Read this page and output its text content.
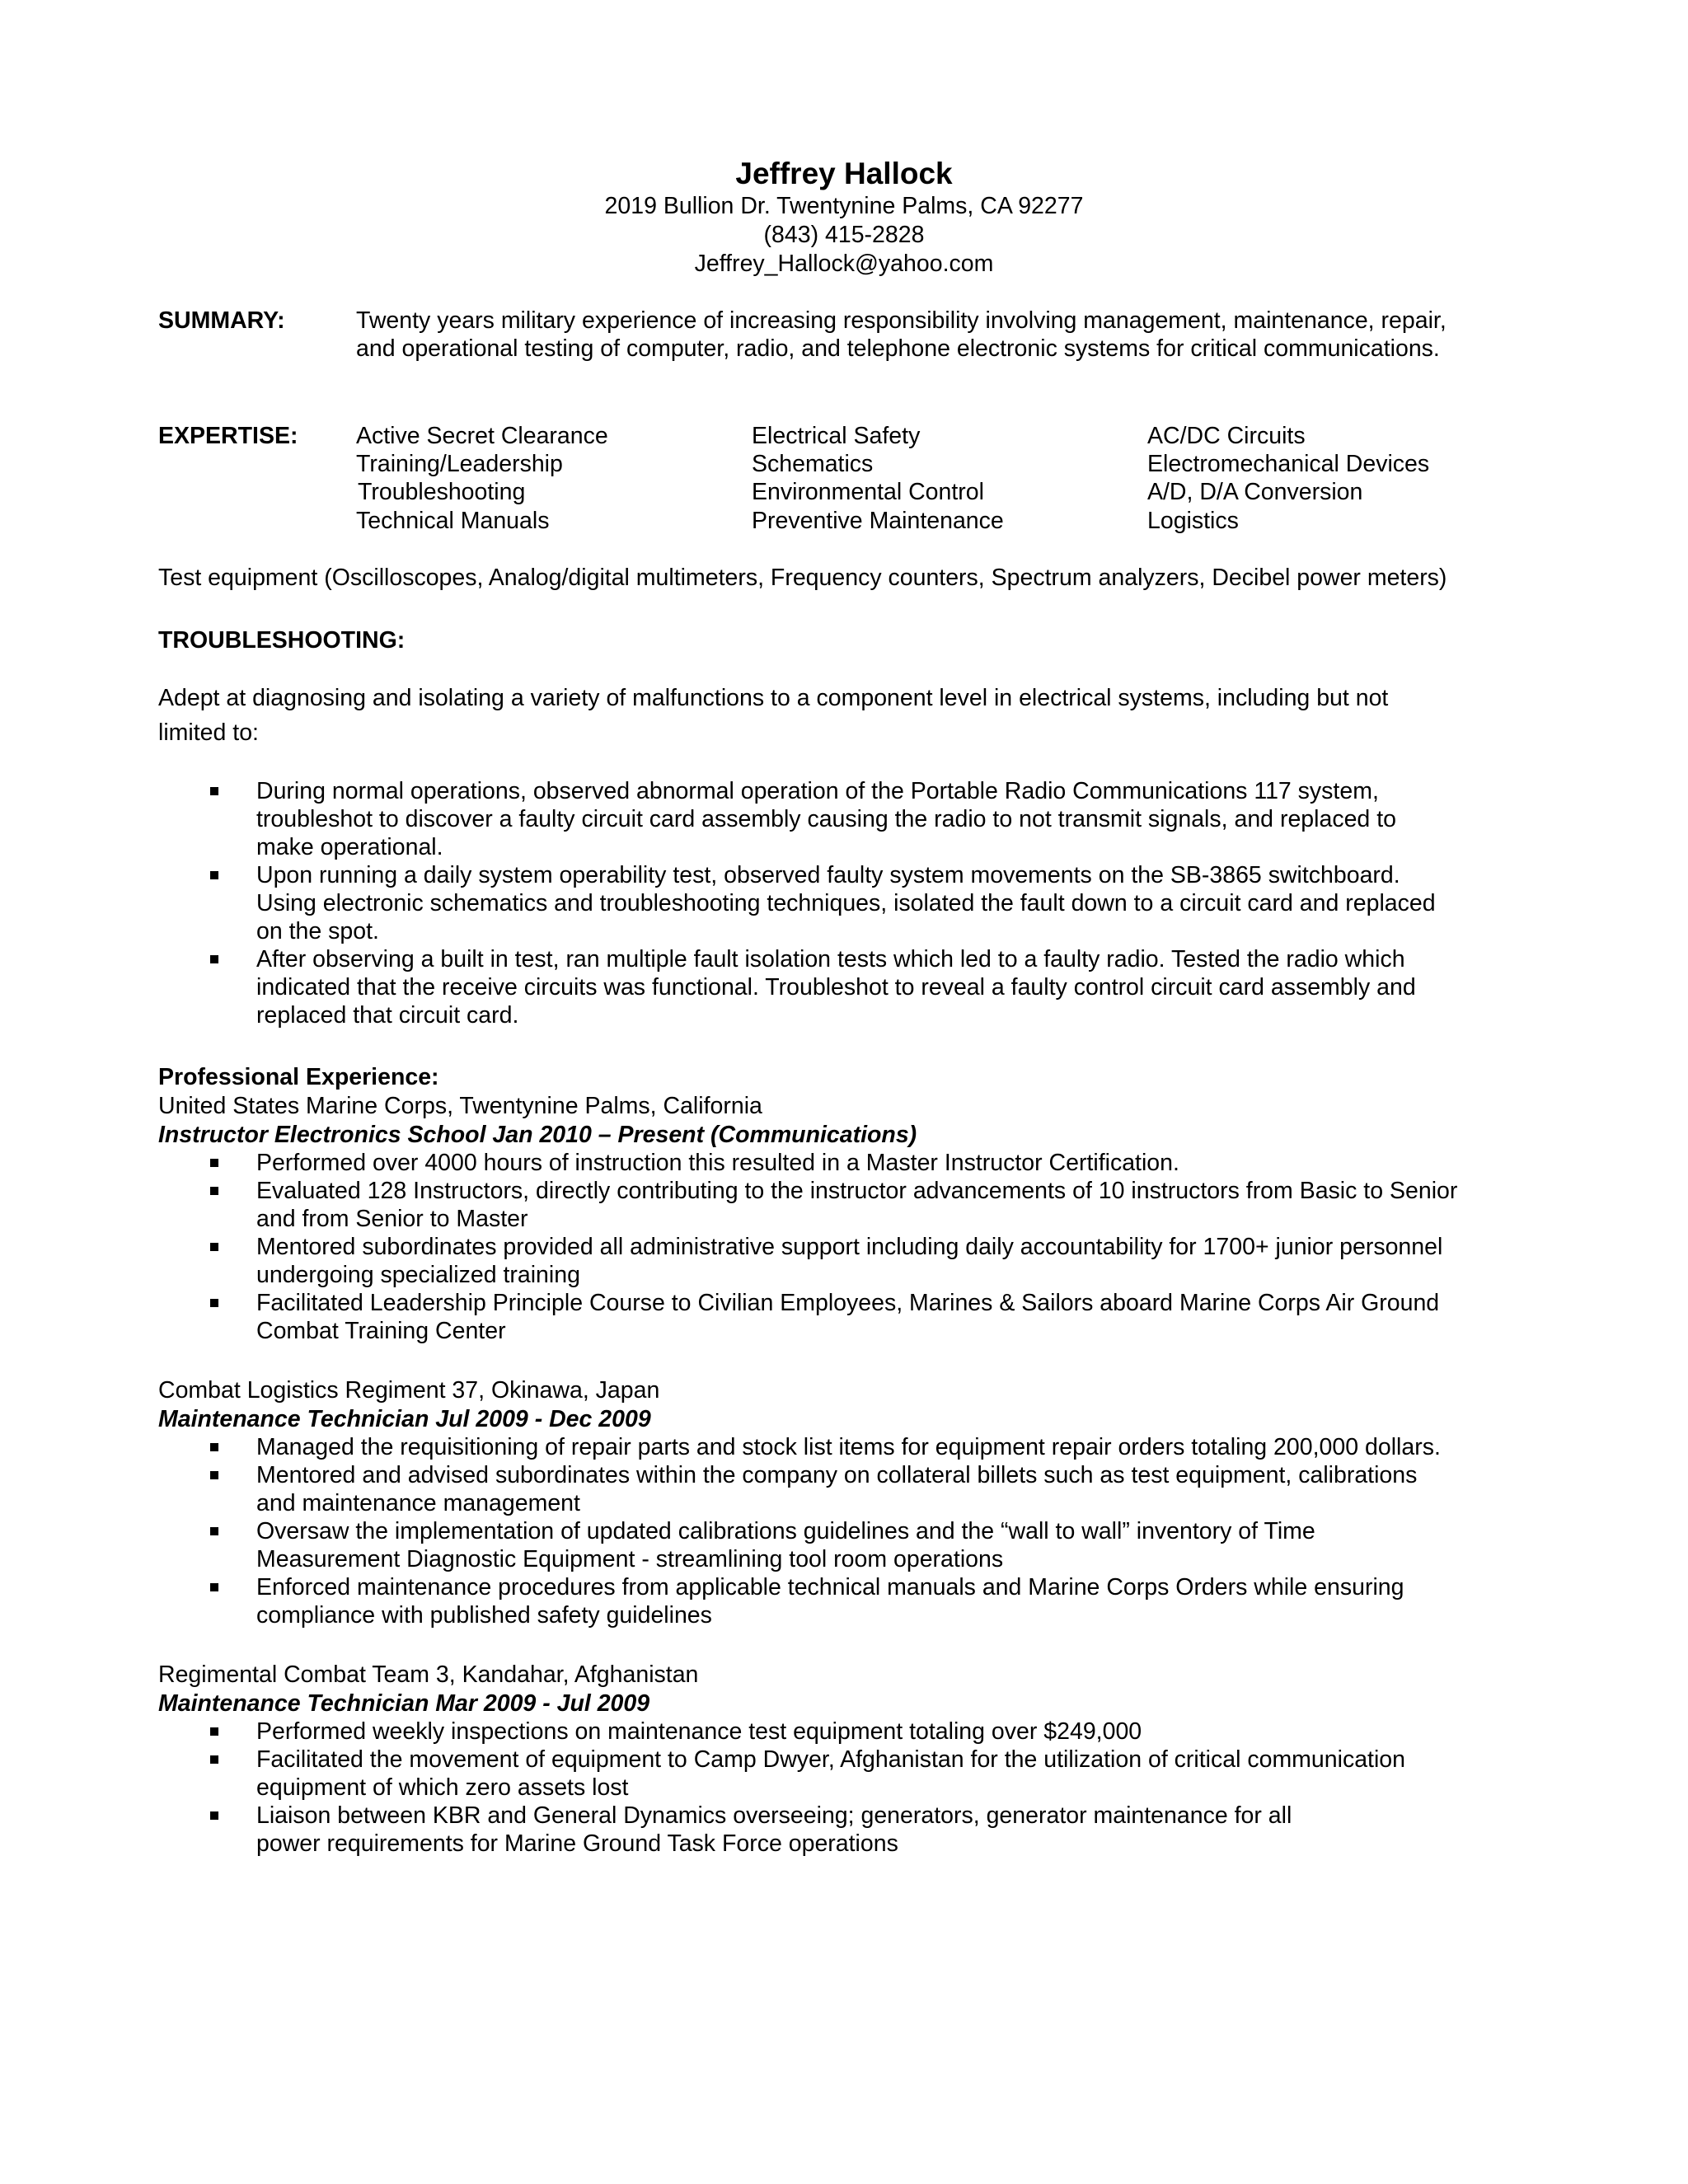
Jeffrey Hallock
2019 Bullion Dr. Twentynine Palms, CA 92277
(843) 415-2828
Jeffrey_Hallock@yahoo.com
SUMMARY:	Twenty years military experience of increasing responsibility involving management, maintenance, repair,
and operational testing of computer, radio, and telephone electronic systems for critical communications.
EXPERTISE: Active Secret Clearance
Training/Leadership
Troubleshooting
Technical Manuals
Electrical Safety
Schematics
Environmental Control
Preventive Maintenance
AC/DC Circuits
Electromechanical Devices
A/D, D/A Conversion
Logistics
Test equipment (Oscilloscopes, Analog/digital multimeters, Frequency counters, Spectrum analyzers, Decibel power meters)
TROUBLESHOOTING:
Adept at diagnosing and isolating a variety of malfunctions to a component level in electrical systems, including but not
limited to:
During normal operations, observed abnormal operation of the Portable Radio Communications 117 system,
troubleshot to discover a faulty circuit card assembly causing the radio to not transmit signals, and replaced to
make operational.
Upon running a daily system operability test, observed faulty system movements on the SB-3865 switchboard.
Using electronic schematics and troubleshooting techniques, isolated the fault down to a circuit card and replaced
on the spot.
After observing a built in test, ran multiple fault isolation tests which led to a faulty radio. Tested the radio which
indicated that the receive circuits was functional. Troubleshot to reveal a faulty control circuit card assembly and
replaced that circuit card.
Professional Experience:
United States Marine Corps, Twentynine Palms, California
Instructor Electronics School Jan 2010 – Present (Communications)
Performed over 4000 hours of instruction this resulted in a Master Instructor Certification.
Evaluated 128 Instructors, directly contributing to the instructor advancements of 10 instructors from Basic to Senior
and from Senior to Master
Mentored subordinates provided all administrative support including daily accountability for 1700+ junior personnel
undergoing specialized training
Facilitated Leadership Principle Course to Civilian Employees, Marines & Sailors aboard Marine Corps Air Ground
Combat Training Center
Combat Logistics Regiment 37, Okinawa, Japan
Maintenance Technician Jul 2009 - Dec 2009
Managed the requisitioning of repair parts and stock list items for equipment repair orders totaling 200,000 dollars.
Mentored and advised subordinates within the company on collateral billets such as test equipment, calibrations
and maintenance management
Oversaw the implementation of updated calibrations guidelines and the “wall to wall” inventory of Time
Measurement Diagnostic Equipment - streamlining tool room operations
Enforced maintenance procedures from applicable technical manuals and Marine Corps Orders while ensuring
compliance with published safety guidelines
Regimental Combat Team 3, Kandahar, Afghanistan
Maintenance Technician Mar 2009 - Jul 2009
Performed weekly inspections on maintenance test equipment totaling over $249,000
Facilitated the movement of equipment to Camp Dwyer, Afghanistan for the utilization of critical communication
equipment of which zero assets lost
Liaison between KBR and General Dynamics overseeing; generators, generator maintenance for all
power requirements for Marine Ground Task Force operations
